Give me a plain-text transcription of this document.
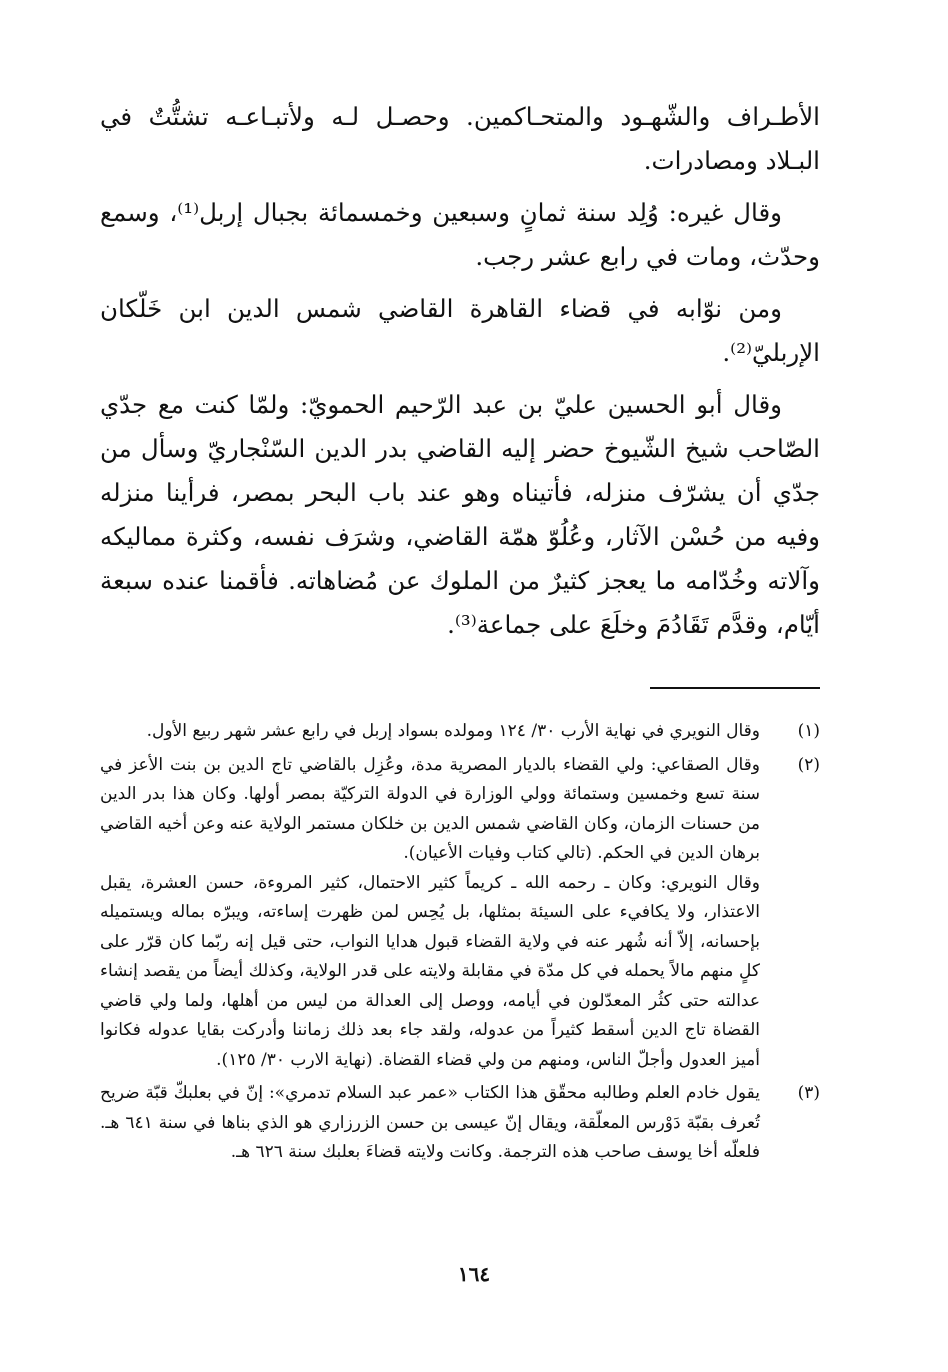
الأطـراف والشّهـود والمتحـاكمين. وحصـل لـه ولأتبـاعـه تشتُّتٌ في البـلاد ومصادرات.

وقال غيره: وُلِد سنة ثمانٍ وسبعين وخمسمائة بجبال إربل⁽¹⁾، وسمع وحدّث، ومات في رابع عشر رجب.

ومن نوّابه في قضاء القاهرة القاضي شمس الدين ابن خَلّكان الإربليّ⁽²⁾.

وقال أبو الحسين عليّ بن عبد الرّحيم الحمويّ: ولمّا كنت مع جدّي الصّاحب شيخ الشّيوخ حضر إليه القاضي بدر الدين السّنْجاريّ وسأل من جدّي أن يشرّف منزله، فأتيناه وهو عند باب البحر بمصر، فرأينا منزله وفيه من حُسْن الآثار، وعُلُوّ همّة القاضي، وشرَف نفسه، وكثرة مماليكه وآلاته وخُدّامه ما يعجز كثيرٌ من الملوك عن مُضاهاته. فأقمنا عنده سبعة أيّام، وقدَّم تَقَادُمَ وخلَعَ على جماعة⁽³⁾.

(١)

وقال النويري في نهاية الأرب ٣٠/ ١٢٤ ومولده بسواد إربل في رابع عشر شهر ربيع الأول.

(٢)

وقال الصقاعي: ولي القضاء بالديار المصرية مدة، وعُزِل بالقاضي تاج الدين بن بنت الأعز في سنة تسع وخمسين وستمائة وولي الوزارة في الدولة التركيّة بمصر أولها. وكان هذا بدر الدين من حسنات الزمان، وكان القاضي شمس الدين بن خلكان مستمر الولاية عنه وعن أخيه القاضي برهان الدين في الحكم. (تالي كتاب وفيات الأعيان).

وقال النويري: وكان ـ رحمه الله ـ كريماً كثير الاحتمال، كثير المروءة، حسن العشرة، يقبل الاعتذار، ولا يكافيء على السيئة بمثلها، بل يُحِس لمن ظهرت إساءته، ويبرّه بماله ويستميله بإحسانه، إلاّ أنه شُهر عنه في ولاية القضاء قبول هدايا النواب، حتى قيل إنه ربّما كان قرّر على كلٍ منهم مالاً يحمله في كل مدّة في مقابلة ولايته على قدر الولاية، وكذلك أيضاً من يقصد إنشاء عدالته حتى كثُر المعدّلون في أيامه، ووصل إلى العدالة من ليس من أهلها، ولما ولي قاضي القضاة تاج الدين أسقط كثيراً من عدوله، ولقد جاء بعد ذلك زماننا وأدركت بقايا عدوله فكانوا أميز العدول وأجلّ الناس، ومنهم من ولي قضاء القضاة. (نهاية الارب ٣٠/ ١٢٥).

(٣)

يقول خادم العلم وطالبه محقّق هذا الكتاب «عمر عبد السلام تدمري»: إنّ في بعلبكّ قبّة ضريح تُعرف بقبّة دَوْرس المعلّقة، ويقال إنّ عيسى بن حسن الزرزاري هو الذي بناها في سنة ٦٤١ هـ. فلعلّه أخا يوسف صاحب هذه الترجمة. وكانت ولايته قضاءَ بعلبك سنة ٦٢٦ هـ.

١٦٤
